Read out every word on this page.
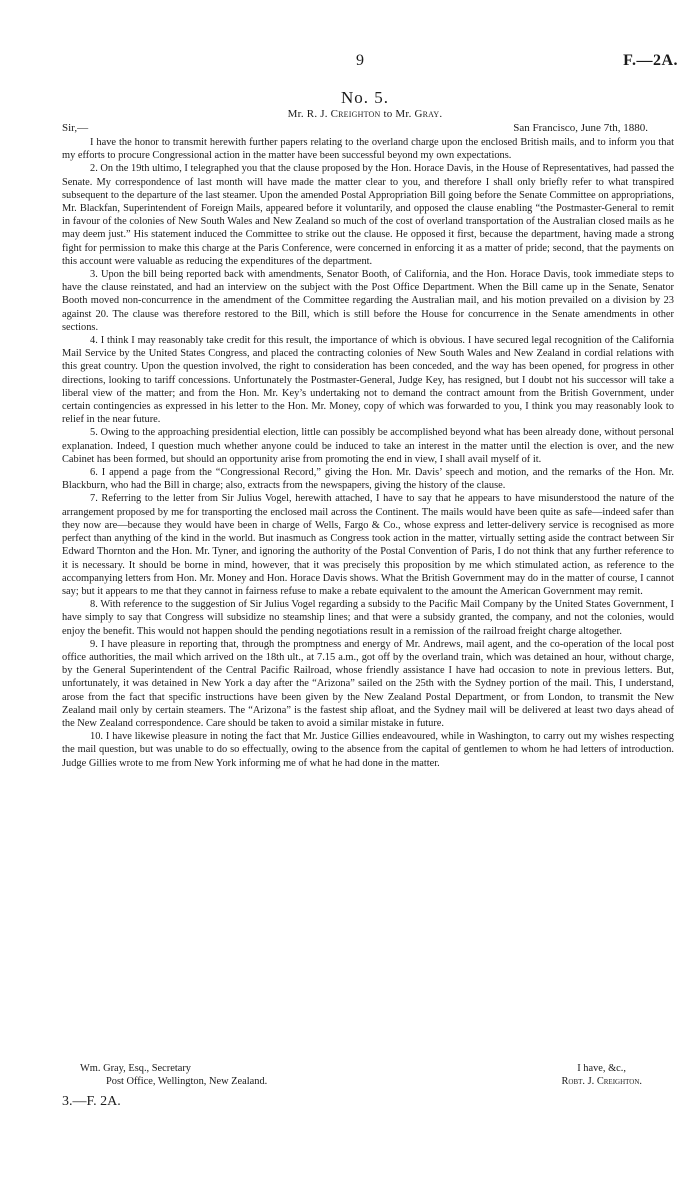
9	F.—2A.
No. 5.
Mr. R. J. Creighton to Mr. Gray.
Sir,—	San Francisco, June 7th, 1880.

I have the honor to transmit herewith further papers relating to the overland charge upon the enclosed British mails, and to inform you that my efforts to procure Congressional action in the matter have been successful beyond my own expectations.

2. On the 19th ultimo, I telegraphed you that the clause proposed by the Hon. Horace Davis, in the House of Representatives, had passed the Senate. My correspondence of last month will have made the matter clear to you, and therefore I shall only briefly refer to what transpired subsequent to the departure of the last steamer. Upon the amended Postal Appropriation Bill going before the Senate Committee on appropriations, Mr. Blackfan, Superintendent of Foreign Mails, appeared before it voluntarily, and opposed the clause enabling “the Postmaster-General to remit in favour of the colonies of New South Wales and New Zealand so much of the cost of overland transportation of the Australian closed mails as he may deem just.” His statement induced the Committee to strike out the clause. He opposed it first, because the department, having made a strong fight for permission to make this charge at the Paris Conference, were concerned in enforcing it as a matter of pride; second, that the payments on this account were valuable as reducing the expenditures of the department.

3. Upon the bill being reported back with amendments, Senator Booth, of California, and the Hon. Horace Davis, took immediate steps to have the clause reinstated, and had an interview on the subject with the Post Office Department. When the Bill came up in the Senate, Senator Booth moved non-concurrence in the amendment of the Committee regarding the Australian mail, and his motion prevailed on a division by 23 against 20. The clause was therefore restored to the Bill, which is still before the House for concurrence in the Senate amendments in other sections.

4. I think I may reasonably take credit for this result, the importance of which is obvious. I have secured legal recognition of the California Mail Service by the United States Congress, and placed the contracting colonies of New South Wales and New Zealand in cordial relations with this great country. Upon the question involved, the right to consideration has been conceded, and the way has been opened, for progress in other directions, looking to tariff concessions. Unfortunately the Postmaster-General, Judge Key, has resigned, but I doubt not his successor will take a liberal view of the matter; and from the Hon. Mr. Key’s undertaking not to demand the contract amount from the British Government, under certain contingencies as expressed in his letter to the Hon. Mr. Money, copy of which was forwarded to you, I think you may reasonably look to relief in the near future.

5. Owing to the approaching presidential election, little can possibly be accomplished beyond what has been already done, without personal explanation. Indeed, I question much whether anyone could be induced to take an interest in the matter until the election is over, and the new Cabinet has been formed, but should an opportunity arise from promoting the end in view, I shall avail myself of it.

6. I append a page from the “Congressional Record,” giving the Hon. Mr. Davis’ speech and motion, and the remarks of the Hon. Mr. Blackburn, who had the Bill in charge; also, extracts from the newspapers, giving the history of the clause.

7. Referring to the letter from Sir Julius Vogel, herewith attached, I have to say that he appears to have misunderstood the nature of the arrangement proposed by me for transporting the enclosed mail across the Continent. The mails would have been quite as safe—indeed safer than they now are—because they would have been in charge of Wells, Fargo & Co., whose express and letter-delivery service is recognised as more perfect than anything of the kind in the world. But inasmuch as Congress took action in the matter, virtually setting aside the contract between Sir Edward Thornton and the Hon. Mr. Tyner, and ignoring the authority of the Postal Convention of Paris, I do not think that any further reference to it is necessary. It should be borne in mind, however, that it was precisely this proposition by me which stimulated action, as reference to the accompanying letters from Hon. Mr. Money and Hon. Horace Davis shows. What the British Government may do in the matter of course, I cannot say; but it appears to me that they cannot in fairness refuse to make a rebate equivalent to the amount the American Government may remit.

8. With reference to the suggestion of Sir Julius Vogel regarding a subsidy to the Pacific Mail Company by the United States Government, I have simply to say that Congress will subsidize no steamship lines; and that were a subsidy granted, the company, and not the colonies, would enjoy the benefit. This would not happen should the pending negotiations result in a remission of the railroad freight charge altogether.

9. I have pleasure in reporting that, through the promptness and energy of Mr. Andrews, mail agent, and the co-operation of the local post office authorities, the mail which arrived on the 18th ult., at 7.15 a.m., got off by the overland train, which was detained an hour, without charge, by the General Superintendent of the Central Pacific Railroad, whose friendly assistance I have had occasion to note in previous letters. But, unfortunately, it was detained in New York a day after the “Arizona” sailed on the 25th with the Sydney portion of the mail. This, I understand, arose from the fact that specific instructions have been given by the New Zealand Postal Department, or from London, to transmit the New Zealand mail only by certain steamers. The “Arizona” is the fastest ship afloat, and the Sydney mail will be delivered at least two days ahead of the New Zealand correspondence. Care should be taken to avoid a similar mistake in future.

10. I have likewise pleasure in noting the fact that Mr. Justice Gillies endeavoured, while in Washington, to carry out my wishes respecting the mail question, but was unable to do so effectually, owing to the absence from the capital of gentlemen to whom he had letters of introduction. Judge Gillies wrote to me from New York informing me of what he had done in the matter.

Wm. Gray, Esq., Secretary	I have, &c.,
Post Office, Wellington, New Zealand.	Robt. J. Creighton.
3.—F. 2A.
